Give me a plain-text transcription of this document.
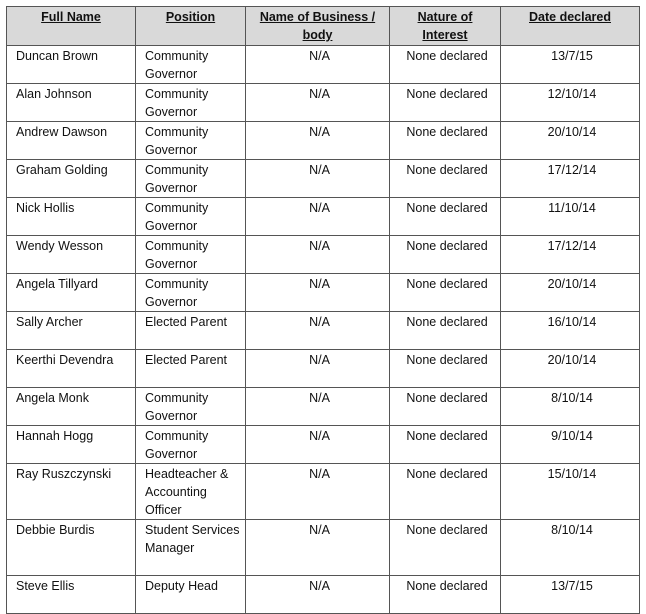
Full Name	Position	Name of Business / body	Nature of Interest	Date declared
Duncan Brown	Community Governor	N/A	None declared	13/7/15
Alan Johnson	Community Governor	N/A	None declared	12/10/14
Andrew Dawson	Community Governor	N/A	None declared	20/10/14
Graham Golding	Community Governor	N/A	None declared	17/12/14
Nick Hollis	Community Governor	N/A	None declared	11/10/14
Wendy Wesson	Community Governor	N/A	None declared	17/12/14
Angela Tillyard	Community Governor	N/A	None declared	20/10/14
Sally Archer	Elected Parent	N/A	None declared	16/10/14
Keerthi Devendra	Elected Parent	N/A	None declared	20/10/14
Angela Monk	Community Governor	N/A	None declared	8/10/14
Hannah Hogg	Community Governor	N/A	None declared	9/10/14
Ray Ruszczynski	Headteacher & Accounting Officer	N/A	None declared	15/10/14
Debbie Burdis	Student Services Manager	N/A	None declared	8/10/14
Steve Ellis	Deputy Head	N/A	None declared	13/7/15
